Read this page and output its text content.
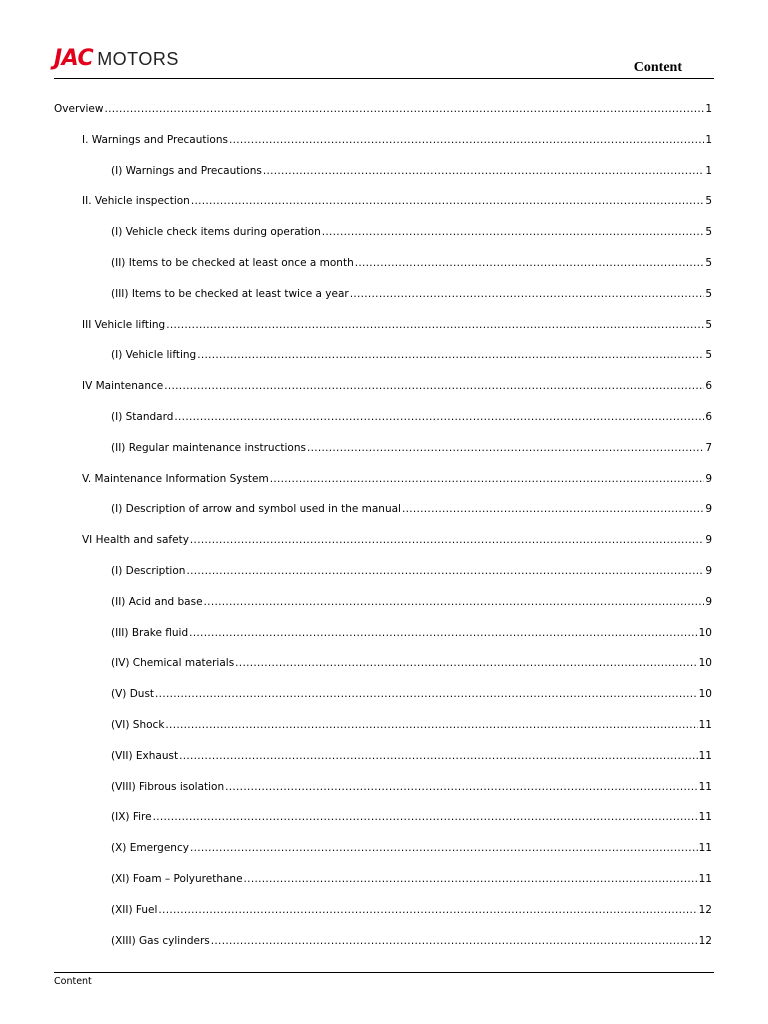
JAC MOTORS	Content
Overview .....	1
I. Warnings and Precautions .....	1
(I) Warnings and Precautions .....	1
II. Vehicle inspection .....	5
(I) Vehicle check items during operation .....	5
(II) Items to be checked at least once a month .....	5
(III) Items to be checked at least twice a year .....	5
III Vehicle lifting .....	5
(I) Vehicle lifting .....	5
IV Maintenance .....	6
(I) Standard .....	6
(II) Regular maintenance instructions .....	7
V. Maintenance Information System .....	9
(I) Description of arrow and symbol used in the manual .....	9
VI Health and safety .....	9
(I) Description .....	9
(II) Acid and base .....	9
(III) Brake fluid .....	10
(IV) Chemical materials .....	10
(V) Dust .....	10
(VI) Shock .....	11
(VII) Exhaust .....	11
(VIII) Fibrous isolation .....	11
(IX) Fire .....	11
(X) Emergency .....	11
(XI) Foam – Polyurethane .....	11
(XII) Fuel .....	12
(XIII) Gas cylinders .....	12
Content
